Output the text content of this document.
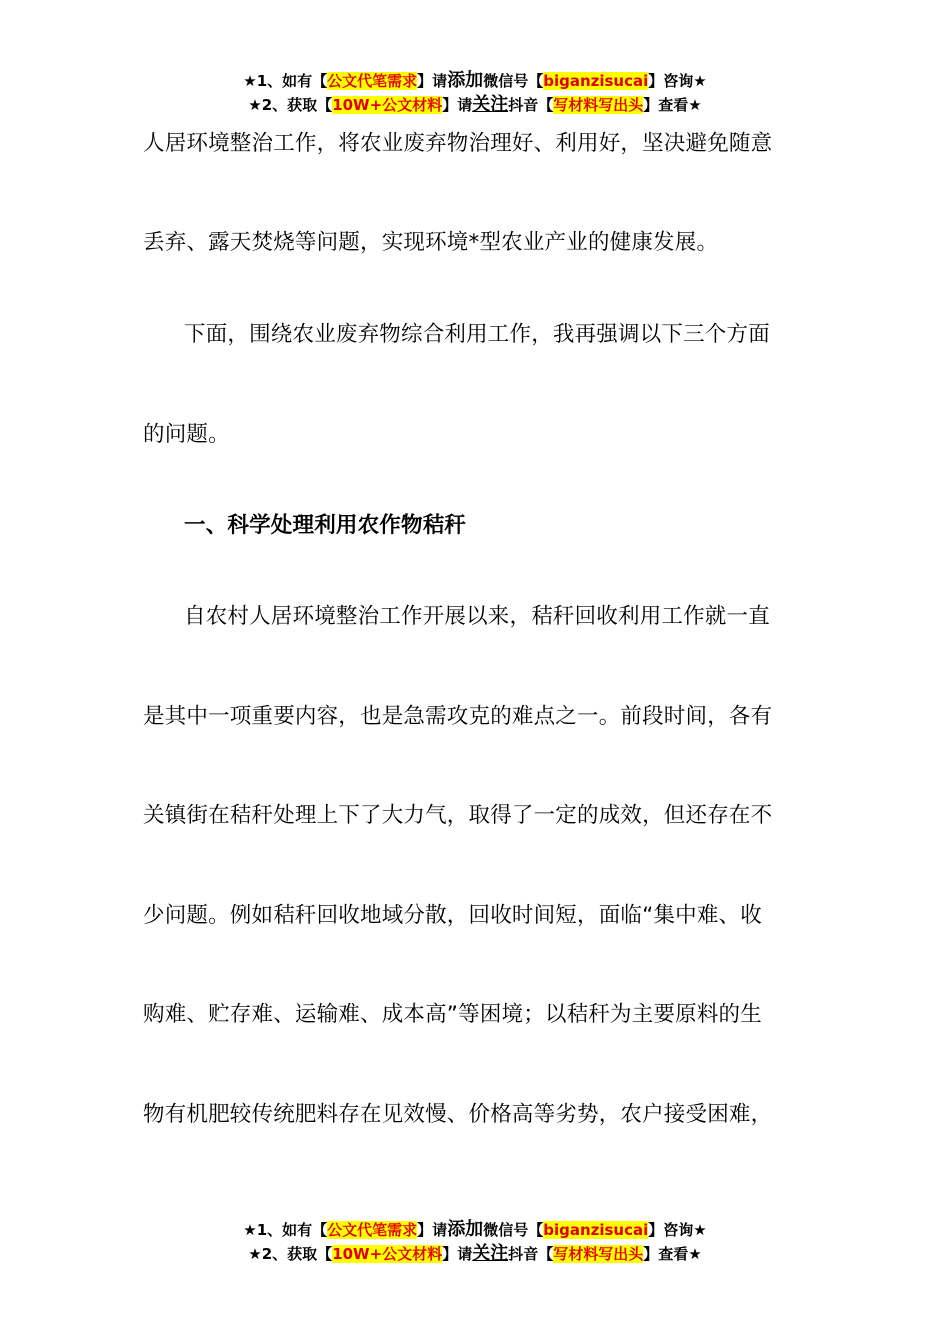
★1、如有【公文代笔需求】请添加微信号【biganzisucai】咨询★
★2、获取【10W+公文材料】请关注抖音【写材料写出头】查看★
人居环境整治工作，将农业废弃物治理好、利用好，坚决避免随意
丢弃、露天焚烧等问题，实现环境*型农业产业的健康发展。
下面，围绕农业废弃物综合利用工作，我再强调以下三个方面
的问题。
一、科学处理利用农作物秸秆
自农村人居环境整治工作开展以来，秸秆回收利用工作就一直
是其中一项重要内容，也是急需攻克的难点之一。前段时间，各有
关镇街在秸秆处理上下了大力气，取得了一定的成效，但还存在不
少问题。例如秸秆回收地域分散，回收时间短，面临“集中难、收
购难、贮存难、运输难、成本高”等困境；以秸秆为主要原料的生
物有机肥较传统肥料存在见效慢、价格高等劣势，农户接受困难，
★1、如有【公文代笔需求】请添加微信号【biganzisucai】咨询★
★2、获取【10W+公文材料】请关注抖音【写材料写出头】查看★
